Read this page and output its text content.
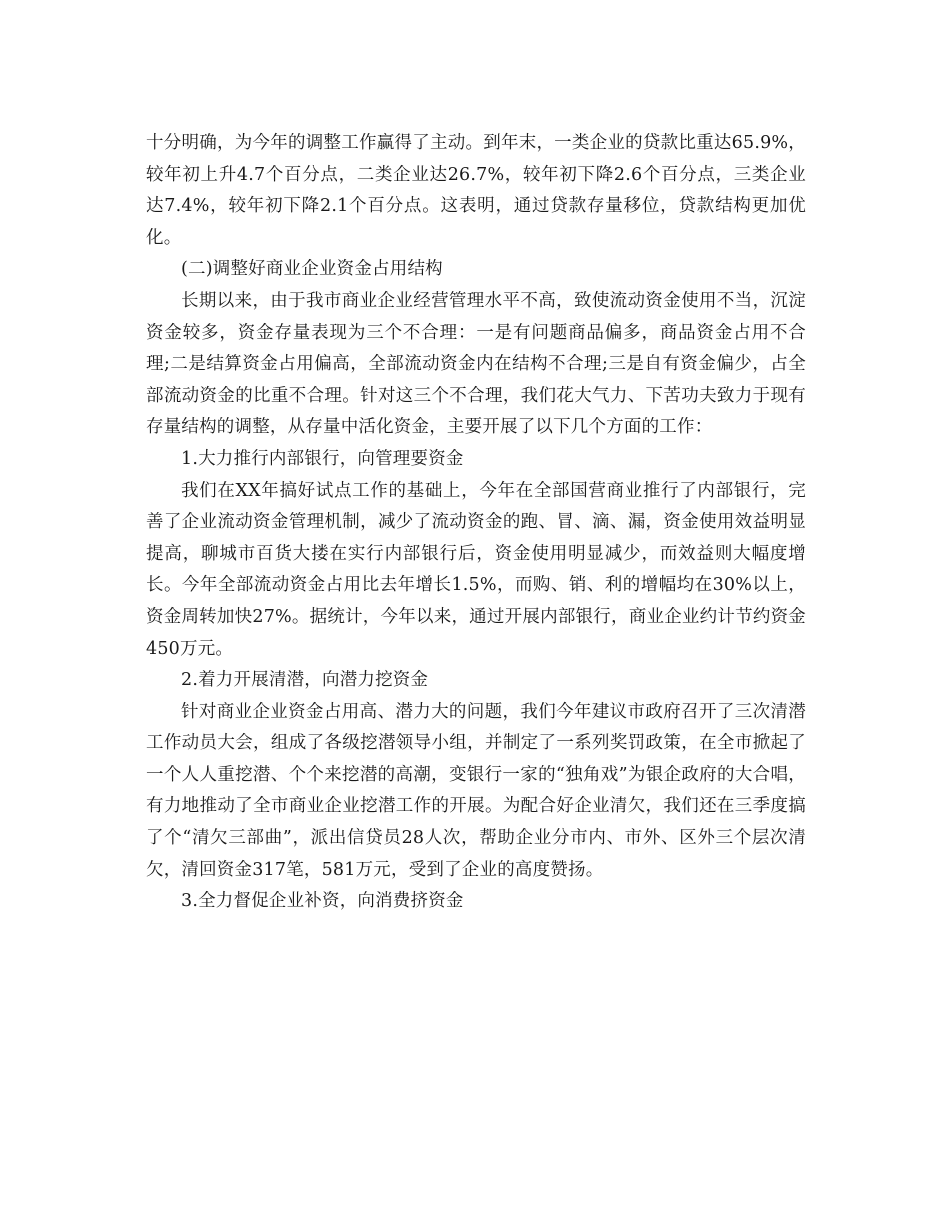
十分明确，为今年的调整工作赢得了主动。到年末，一类企业的贷款比重达65.9%，较年初上升4.7个百分点，二类企业达26.7%，较年初下降2.6个百分点，三类企业达7.4%，较年初下降2.1个百分点。这表明，通过贷款存量移位，贷款结构更加优化。

(二)调整好商业企业资金占用结构

长期以来，由于我市商业企业经营管理水平不高，致使流动资金使用不当，沉淀资金较多，资金存量表现为三个不合理：一是有问题商品偏多，商品资金占用不合理;二是结算资金占用偏高，全部流动资金内在结构不合理;三是自有资金偏少，占全部流动资金的比重不合理。针对这三个不合理，我们花大气力、下苦功夫致力于现有存量结构的调整，从存量中活化资金，主要开展了以下几个方面的工作：

1.大力推行内部银行，向管理要资金

我们在XX年搞好试点工作的基础上，今年在全部国营商业推行了内部银行，完善了企业流动资金管理机制，减少了流动资金的跑、冒、滴、漏，资金使用效益明显提高，聊城市百货大搂在实行内部银行后，资金使用明显减少，而效益则大幅度增长。今年全部流动资金占用比去年增长1.5%，而购、销、利的增幅均在30%以上，资金周转加快27%。据统计，今年以来，通过开展内部银行，商业企业约计节约资金450万元。

2.着力开展清潜，向潜力挖资金

针对商业企业资金占用高、潜力大的问题，我们今年建议市政府召开了三次清潜工作动员大会，组成了各级挖潜领导小组，并制定了一系列奖罚政策，在全市掀起了一个人人重挖潜、个个来挖潜的高潮，变银行一家的“独角戏”为银企政府的大合唱，有力地推动了全市商业企业挖潜工作的开展。为配合好企业清欠，我们还在三季度搞了个“清欠三部曲”，派出信贷员28人次，帮助企业分市内、市外、区外三个层次清欠，清回资金317笔，581万元，受到了企业的高度赞扬。

3.全力督促企业补资，向消费挤资金
